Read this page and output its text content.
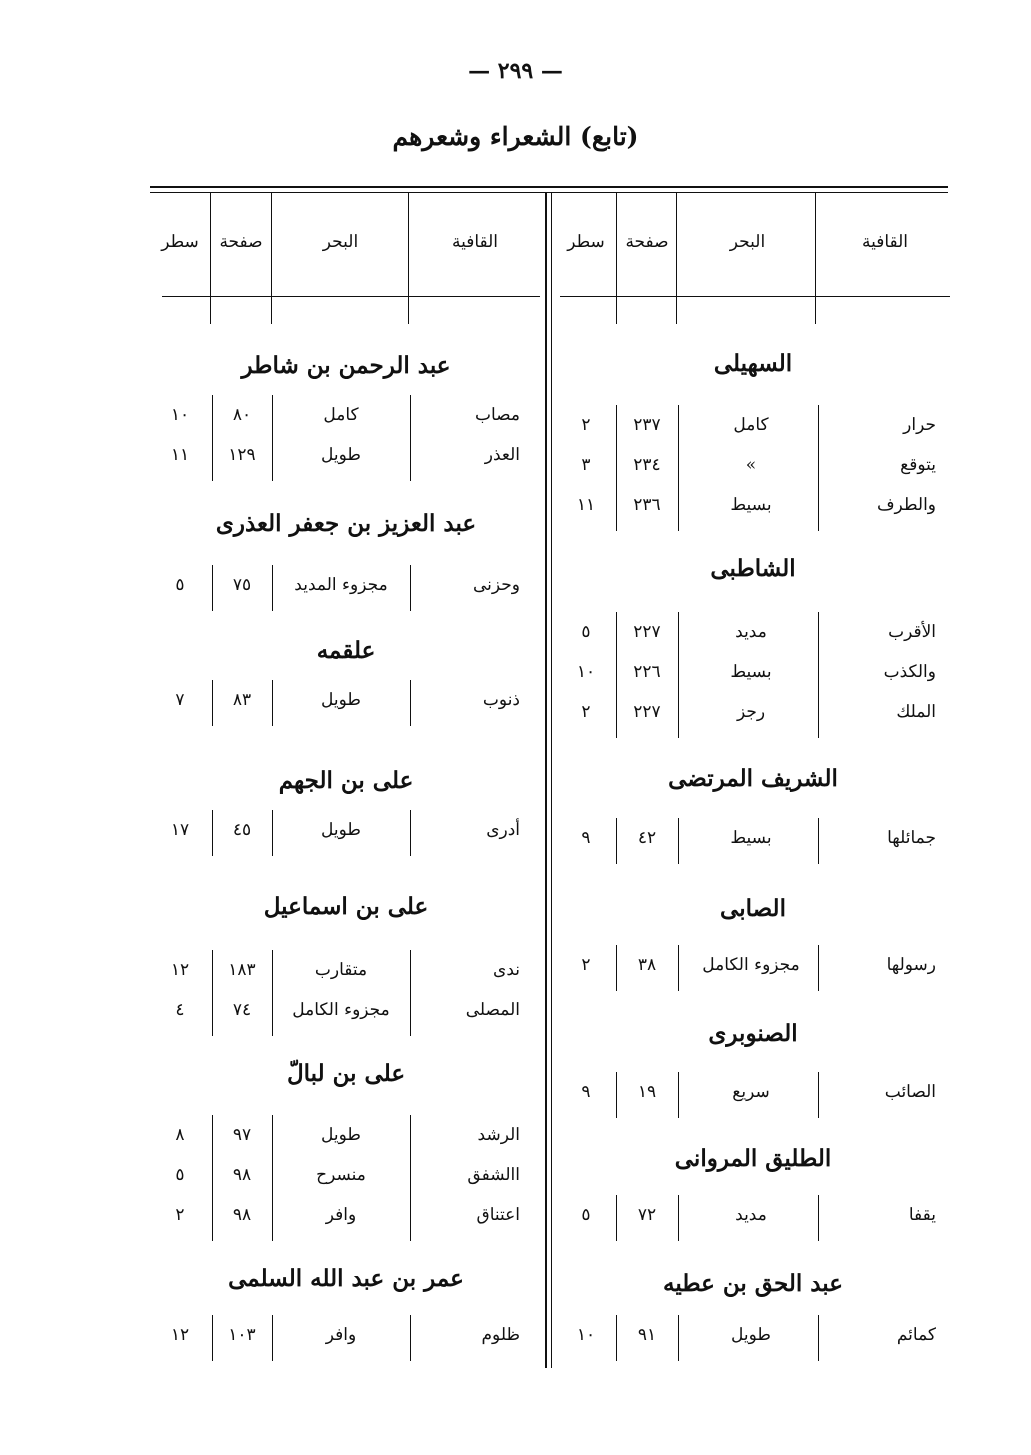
— ٢٩٩ —
(تابع) الشعراء وشعرهم
القافية
البحر
صفحة
سطر
القافية
البحر
صفحة
سطر
السهيلى
حرار
كامل
٢٣٧
٢
يتوقع
»
٢٣٤
٣
والطرف
بسيط
٢٣٦
١١
الشاطبى
الأقرب
مديد
٢٢٧
٥
والكذب
بسيط
٢٢٦
١٠
الملك
رجز
٢٢٧
٢
الشريف المرتضى
جمائلها
بسيط
٤٢
٩
الصابى
رسولها
مجزوء الكامل
٣٨
٢
الصنوبرى
الصائب
سريع
١٩
٩
الطليق المروانى
يقفا
مديد
٧٢
٥
عبد الحق بن عطيه
كمائم
طويل
٩١
١٠
عبد الرحمن بن شاطر
مصاب
كامل
٨٠
١٠
العذر
طويل
١٢٩
١١
عبد العزيز بن جعفر العذرى
وحزنى
مجزوء المديد
٧٥
٥
علقمه
ذنوب
طويل
٨٣
٧
على بن الجهم
أدرى
طويل
٤٥
١٧
على بن اسماعيل
ندى
متقارب
١٨٣
١٢
المصلى
مجزوء الكامل
٧٤
٤
على بن لبالّ
الرشد
طويل
٩٧
٨
االشفق
منسرح
٩٨
٥
اعتناق
وافر
٩٨
٢
عمر بن عبد الله السلمى
ظلوم
وافر
١٠٣
١٢
